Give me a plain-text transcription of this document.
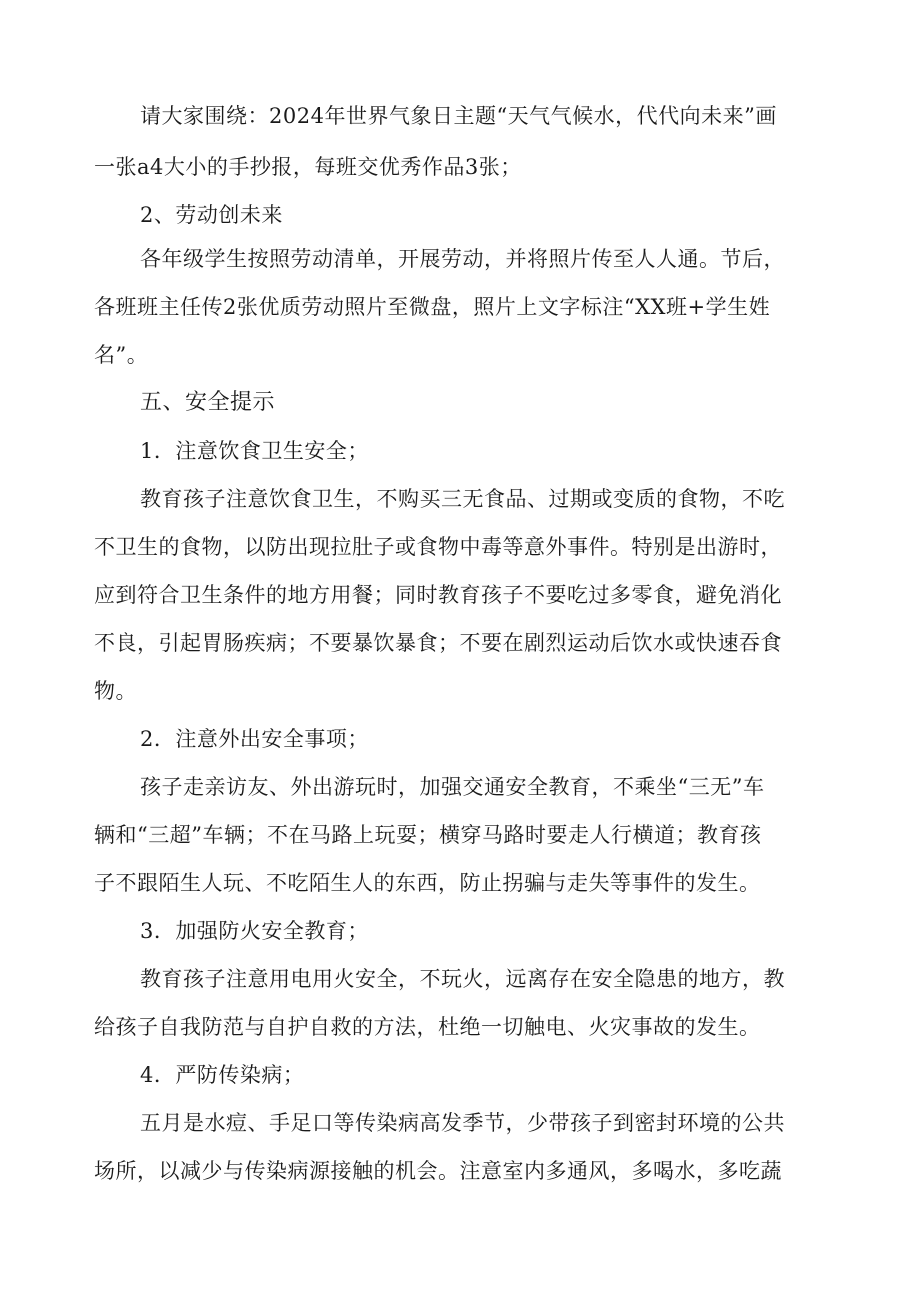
请大家围绕：2024年世界气象日主题“天气气候水，代代向未来”画
一张a4大小的手抄报，每班交优秀作品3张；
2、劳动创未来
各年级学生按照劳动清单，开展劳动，并将照片传至人人通。节后，
各班班主任传2张优质劳动照片至微盘，照片上文字标注“XX班+学生姓
名”。
五、安全提示
1．注意饮食卫生安全；
教育孩子注意饮食卫生，不购买三无食品、过期或变质的食物，不吃
不卫生的食物，以防出现拉肚子或食物中毒等意外事件。特别是出游时，
应到符合卫生条件的地方用餐；同时教育孩子不要吃过多零食，避免消化
不良，引起胃肠疾病；不要暴饮暴食；不要在剧烈运动后饮水或快速吞食
物。
2．注意外出安全事项；
孩子走亲访友、外出游玩时，加强交通安全教育，不乘坐“三无”车
辆和“三超”车辆；不在马路上玩耍；横穿马路时要走人行横道；教育孩
子不跟陌生人玩、不吃陌生人的东西，防止拐骗与走失等事件的发生。
3．加强防火安全教育；
教育孩子注意用电用火安全，不玩火，远离存在安全隐患的地方，教
给孩子自我防范与自护自救的方法，杜绝一切触电、火灾事故的发生。
4．严防传染病；
五月是水痘、手足口等传染病高发季节，少带孩子到密封环境的公共
场所，以减少与传染病源接触的机会。注意室内多通风，多喝水，多吃蔬
